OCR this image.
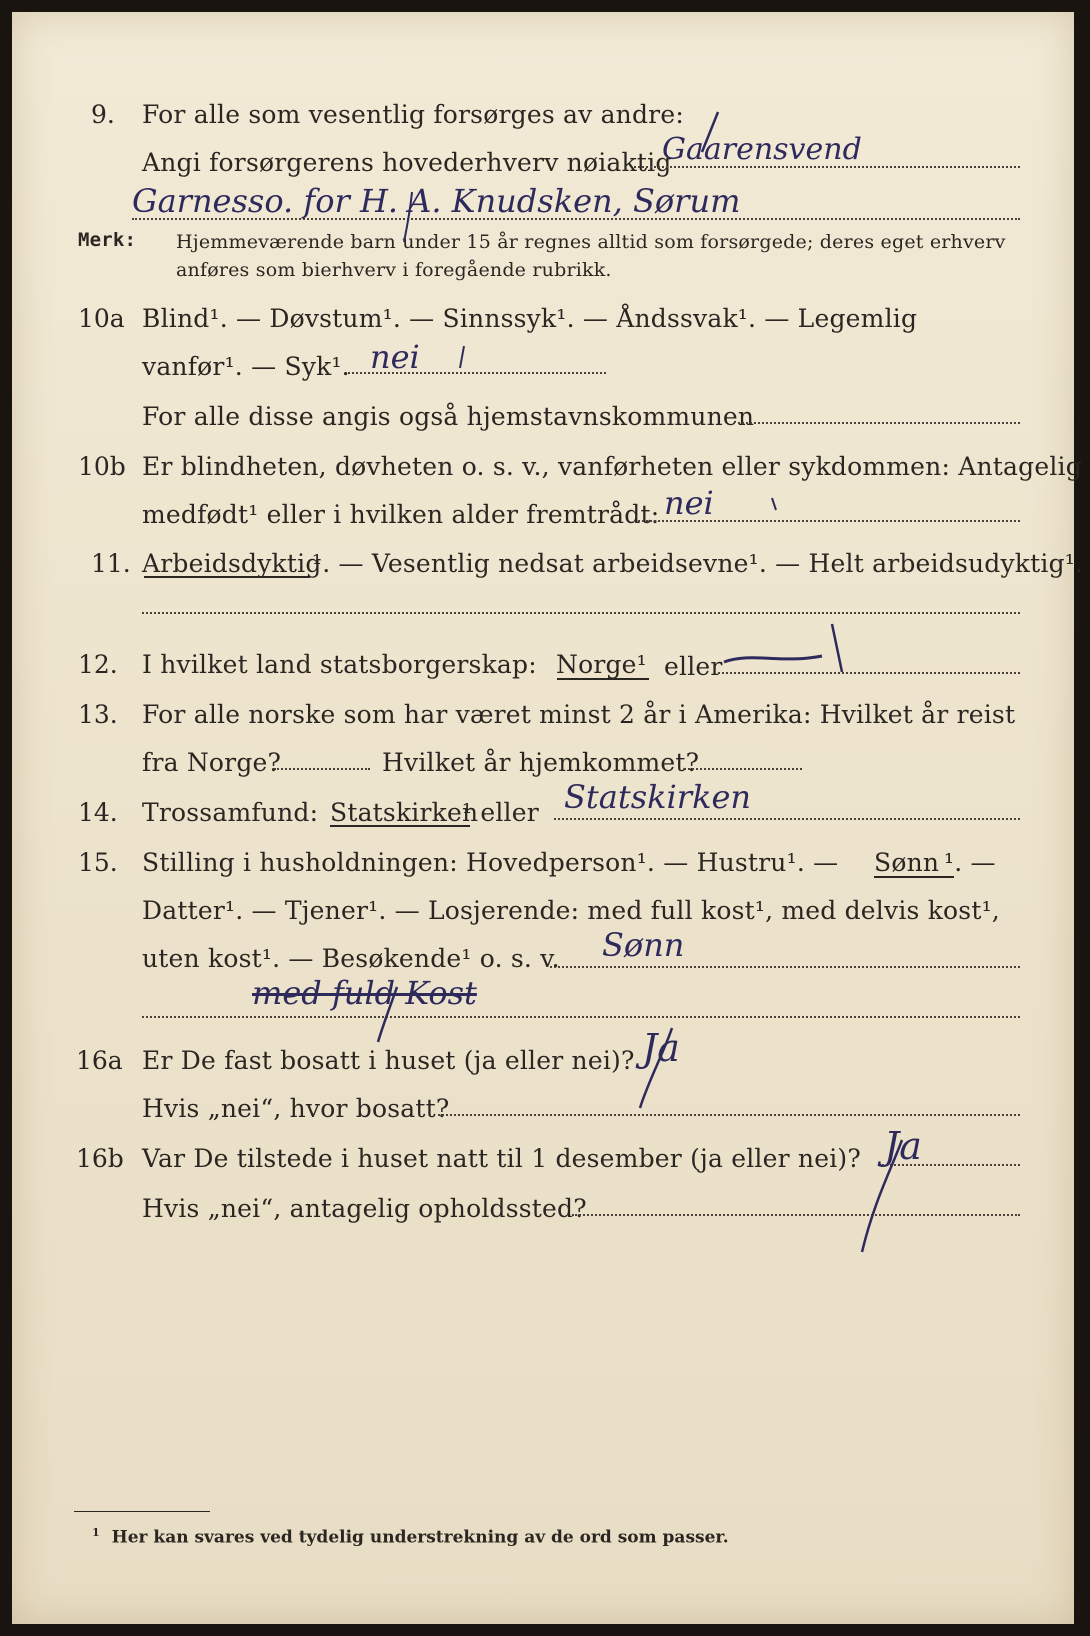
9. For alle som vesentlig forsørges av andre:
Angi forsørgerens hovederhverv nøiaktig
Gaarensvend
Garnesso. for H. A. Knudsken, Sørum
Merk: Hjemmeværende barn under 15 år regnes alltid som forsørgede; deres eget erhverv
anføres som bierhverv i foregående rubrikk.
10a Blind¹. — Døvstum¹. — Sinnssyk¹. — Åndssvak¹. — Legemlig
vanfør¹. — Syk¹. nei
For alle disse angis også hjemstavnskommunen
10b Er blindheten, døvheten o. s. v., vanførheten eller sykdommen: Antagelig
medfødt¹ eller i hvilken alder fremtrådt: nei
11. Arbeidsdyktig
¹. — Vesentlig nedsat arbeidsevne¹. — Helt arbeidsudyktig¹.
12. I hvilket land statsborgerskap: Norge¹ eller
13. For alle norske som har været minst 2 år i Amerika: Hvilket år reist
fra Norge?	Hvilket år hjemkommet?
14. Trossamfund: Statskirken
¹ eller Statskirken
15. Stilling i husholdningen: Hovedperson¹. — Hustru¹. — Sønn ¹. —
Datter¹. — Tjener¹. — Losjerende: med full kost¹, med delvis kost¹,
uten kost¹. — Besøkende¹ o. s. v. Sønn
med fuld Kost
16a Er De fast bosatt i huset (ja eller nei)? Ja
Hvis „nei“, hvor bosatt?
16b Var De tilstede i huset natt til 1 desember (ja eller nei)? Ja
Hvis „nei“, antagelig opholdssted?
$^1$ Her kan svares ved tydelig understrekning av de ord som passer.
